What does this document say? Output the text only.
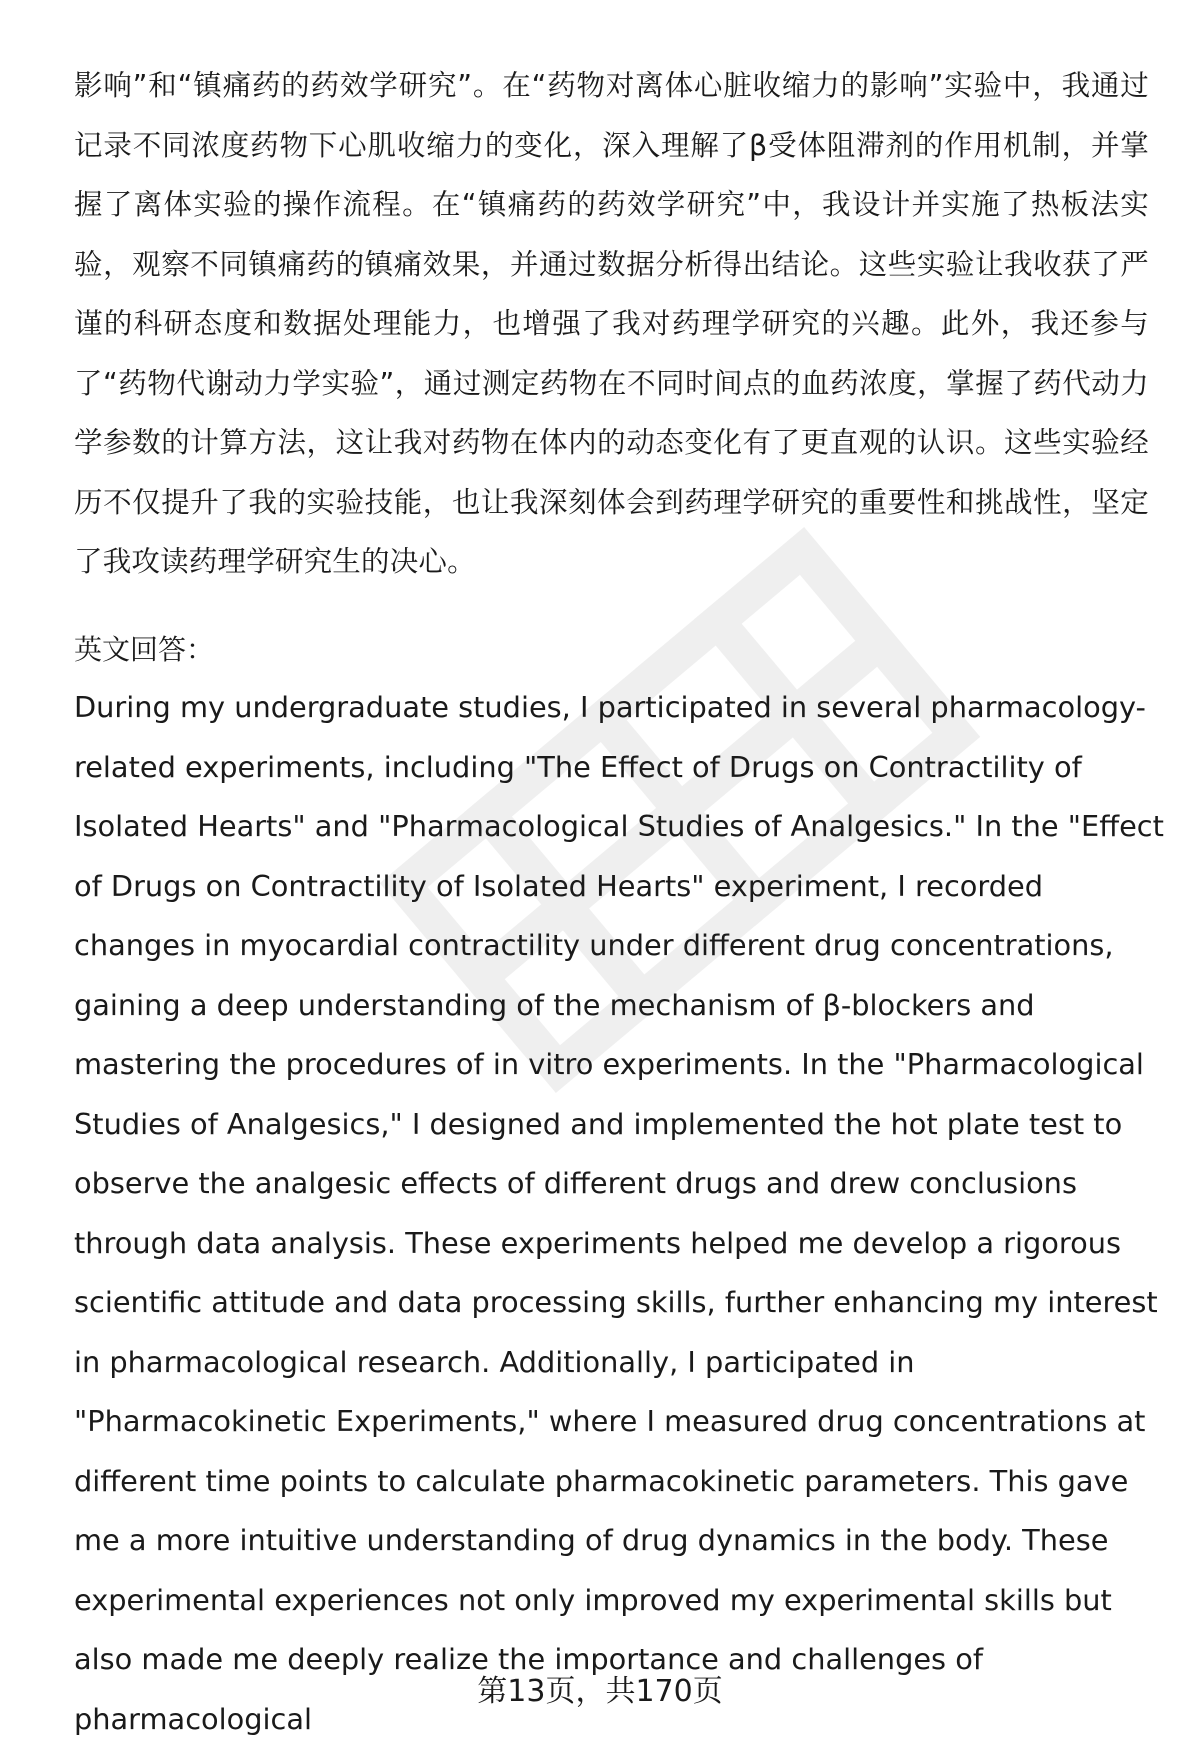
影响”和“镇痛药的药效学研究”。在“药物对离体心脏收缩力的影响”实验中，我通过记录不同浓度药物下心肌收缩力的变化，深入理解了β受体阻滞剂的作用机制，并掌握了离体实验的操作流程。在“镇痛药的药效学研究”中，我设计并实施了热板法实验，观察不同镇痛药的镇痛效果，并通过数据分析得出结论。这些实验让我收获了严谨的科研态度和数据处理能力，也增强了我对药理学研究的兴趣。此外，我还参与了“药物代谢动力学实验”，通过测定药物在不同时间点的血药浓度，掌握了药代动力学参数的计算方法，这让我对药物在体内的动态变化有了更直观的认识。这些实验经历不仅提升了我的实验技能，也让我深刻体会到药理学研究的重要性和挑战性，坚定了我攻读药理学研究生的决心。

英文回答：

During my undergraduate studies, I participated in several pharmacology-related experiments, including "The Effect of Drugs on Contractility of Isolated Hearts" and "Pharmacological Studies of Analgesics." In the "Effect of Drugs on Contractility of Isolated Hearts" experiment, I recorded changes in myocardial contractility under different drug concentrations, gaining a deep understanding of the mechanism of β-blockers and mastering the procedures of in vitro experiments. In the "Pharmacological Studies of Analgesics," I designed and implemented the hot plate test to observe the analgesic effects of different drugs and drew conclusions through data analysis. These experiments helped me develop a rigorous scientific attitude and data processing skills, further enhancing my interest in pharmacological research. Additionally, I participated in "Pharmacokinetic Experiments," where I measured drug concentrations at different time points to calculate pharmacokinetic parameters. This gave me a more intuitive understanding of drug dynamics in the body. These experimental experiences not only improved my experimental skills but also made me deeply realize the importance and challenges of pharmacological

第13页，共170页
